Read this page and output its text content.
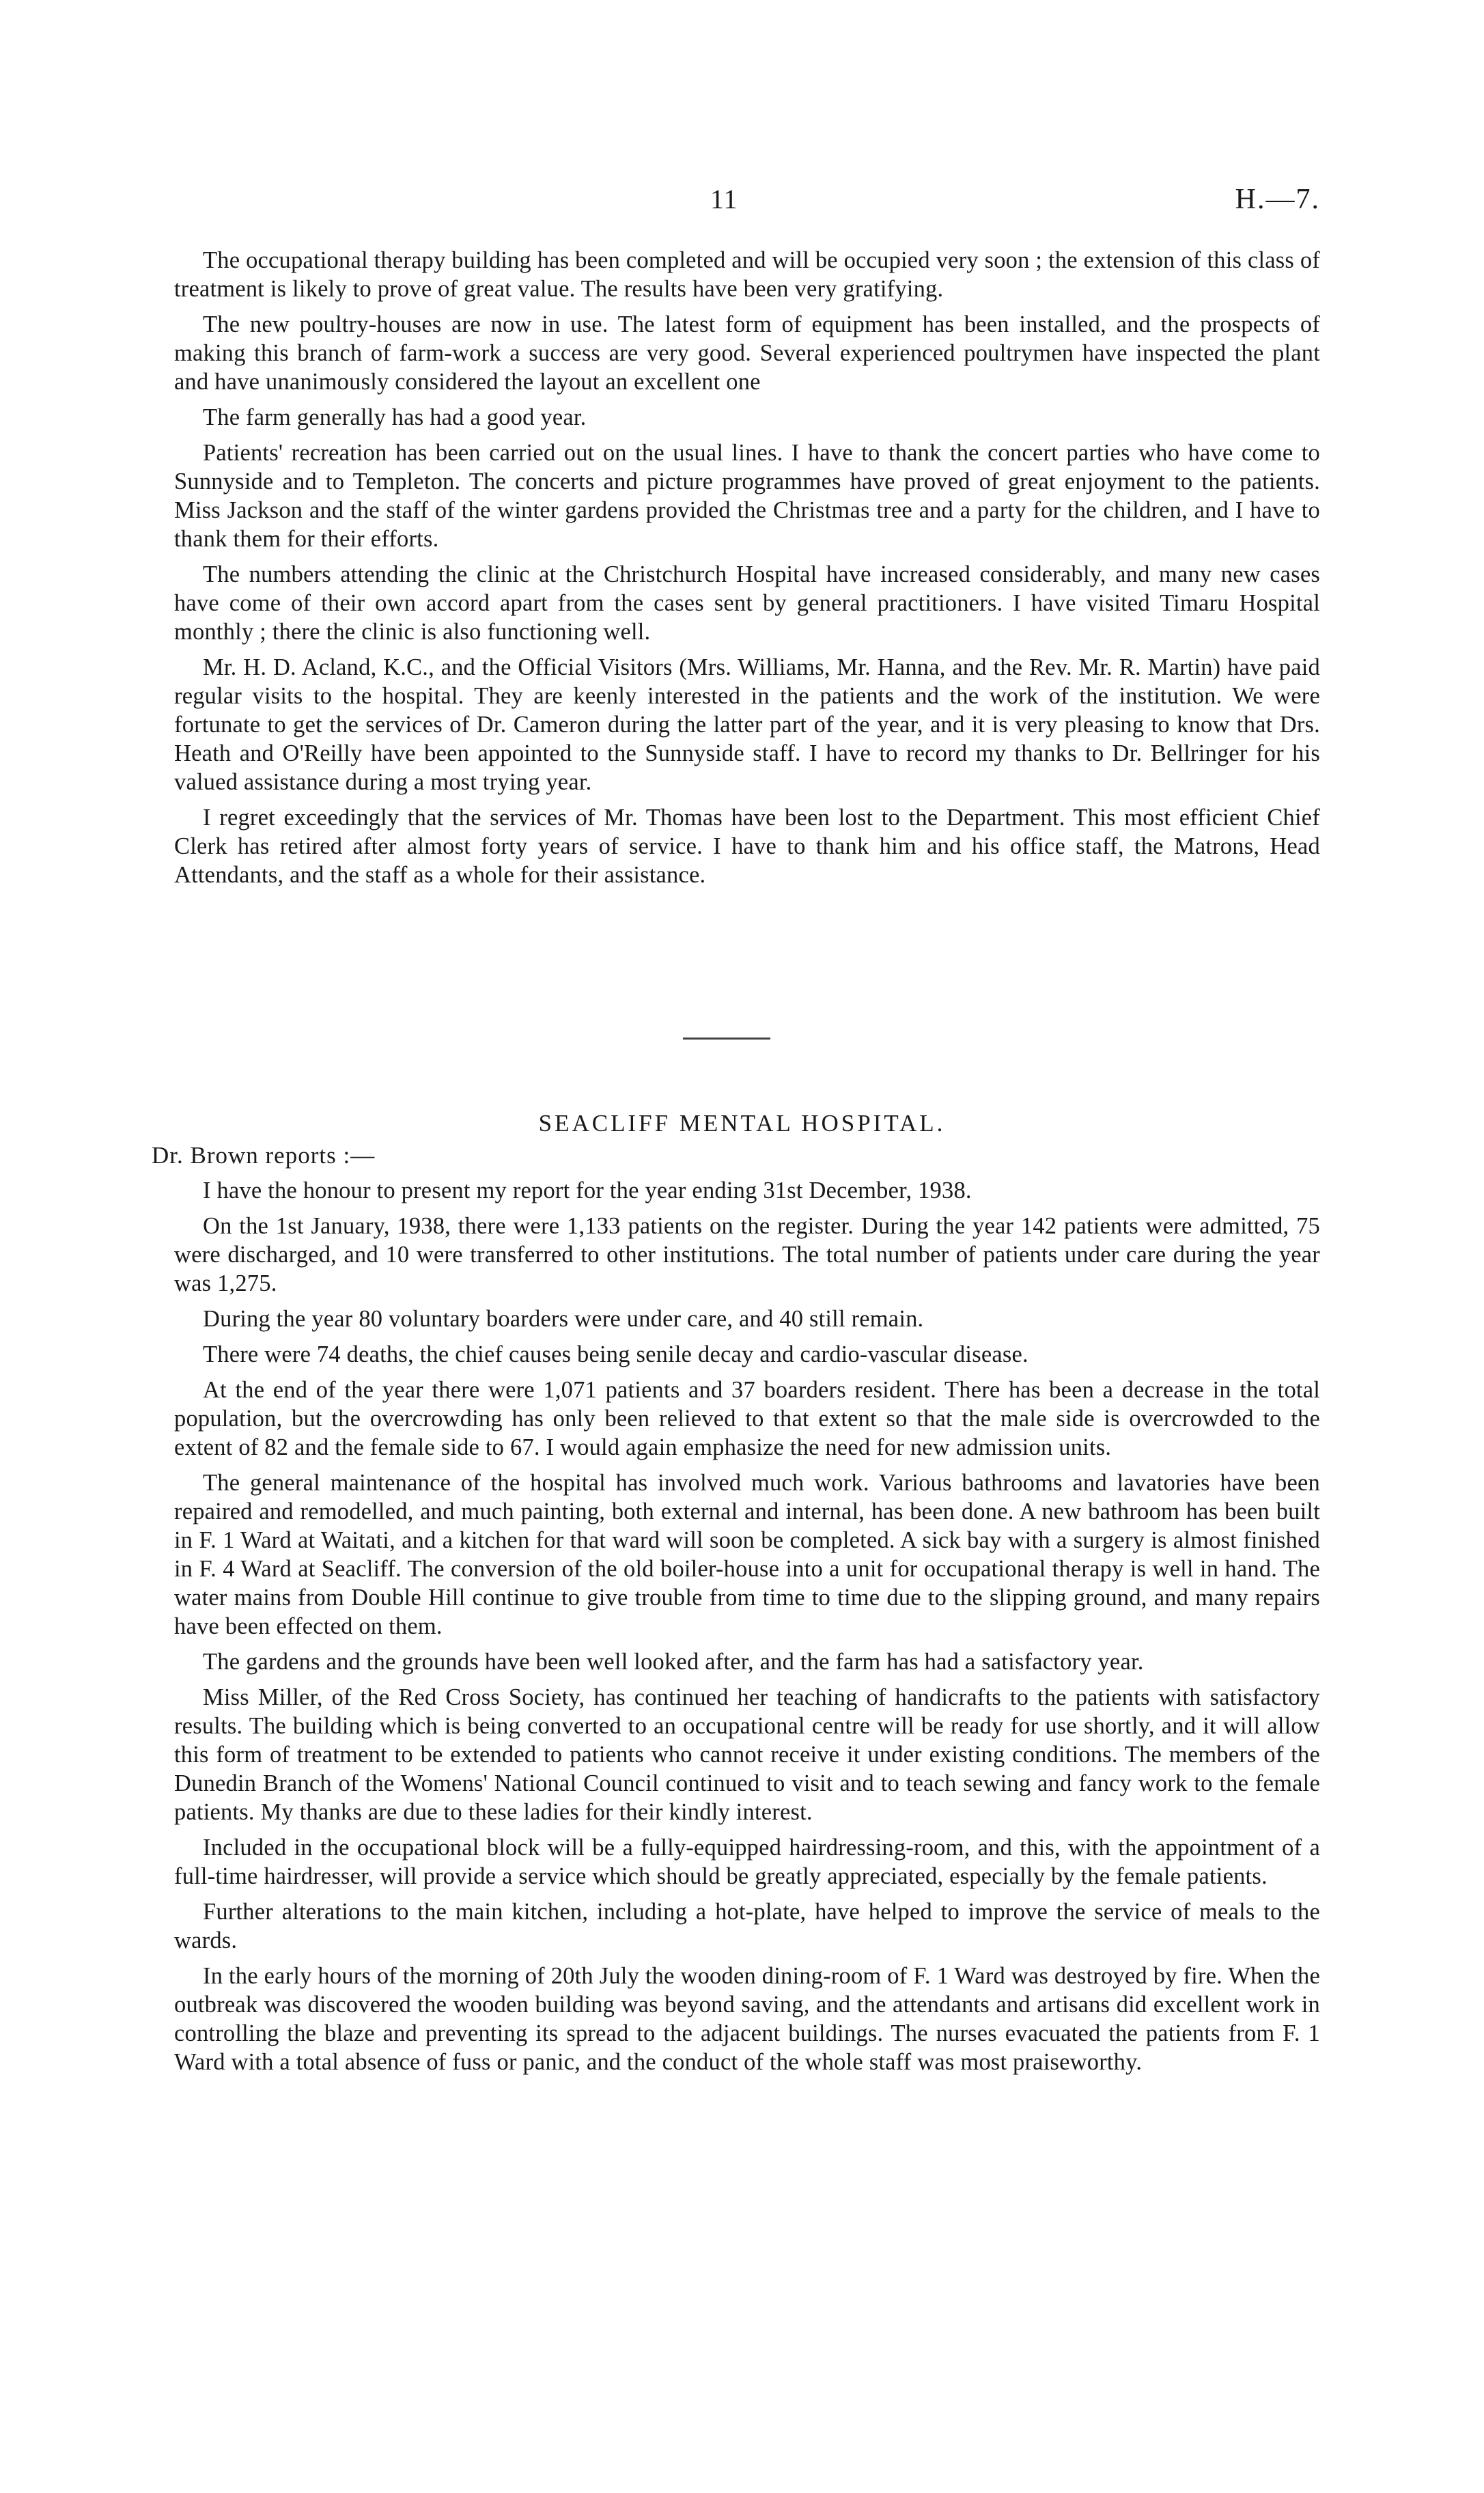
11	H.—7.

The occupational therapy building has been completed and will be occupied very soon ; the extension of this class of treatment is likely to prove of great value. The results have been very gratifying.

The new poultry-houses are now in use. The latest form of equipment has been installed, and the prospects of making this branch of farm-work a success are very good. Several experienced poultrymen have inspected the plant and have unanimously considered the layout an excellent one

The farm generally has had a good year.

Patients' recreation has been carried out on the usual lines. I have to thank the concert parties who have come to Sunnyside and to Templeton. The concerts and picture programmes have proved of great enjoyment to the patients. Miss Jackson and the staff of the winter gardens provided the Christmas tree and a party for the children, and I have to thank them for their efforts.

The numbers attending the clinic at the Christchurch Hospital have increased considerably, and many new cases have come of their own accord apart from the cases sent by general practitioners. I have visited Timaru Hospital monthly ; there the clinic is also functioning well.

Mr. H. D. Acland, K.C., and the Official Visitors (Mrs. Williams, Mr. Hanna, and the Rev. Mr. R. Martin) have paid regular visits to the hospital. They are keenly interested in the patients and the work of the institution. We were fortunate to get the services of Dr. Cameron during the latter part of the year, and it is very pleasing to know that Drs. Heath and O'Reilly have been appointed to the Sunnyside staff. I have to record my thanks to Dr. Bellringer for his valued assistance during a most trying year.

I regret exceedingly that the services of Mr. Thomas have been lost to the Department. This most efficient Chief Clerk has retired after almost forty years of service. I have to thank him and his office staff, the Matrons, Head Attendants, and the staff as a whole for their assistance.

SEACLIFF MENTAL HOSPITAL.
Dr. Brown reports :—

I have the honour to present my report for the year ending 31st December, 1938.

On the 1st January, 1938, there were 1,133 patients on the register. During the year 142 patients were admitted, 75 were discharged, and 10 were transferred to other institutions. The total number of patients under care during the year was 1,275.

During the year 80 voluntary boarders were under care, and 40 still remain.

There were 74 deaths, the chief causes being senile decay and cardio-vascular disease.

At the end of the year there were 1,071 patients and 37 boarders resident. There has been a decrease in the total population, but the overcrowding has only been relieved to that extent so that the male side is overcrowded to the extent of 82 and the female side to 67. I would again emphasize the need for new admission units.

The general maintenance of the hospital has involved much work. Various bathrooms and lavatories have been repaired and remodelled, and much painting, both external and internal, has been done. A new bathroom has been built in F. 1 Ward at Waitati, and a kitchen for that ward will soon be completed. A sick bay with a surgery is almost finished in F. 4 Ward at Seacliff. The conversion of the old boiler-house into a unit for occupational therapy is well in hand. The water mains from Double Hill continue to give trouble from time to time due to the slipping ground, and many repairs have been effected on them.

The gardens and the grounds have been well looked after, and the farm has had a satisfactory year.

Miss Miller, of the Red Cross Society, has continued her teaching of handicrafts to the patients with satisfactory results. The building which is being converted to an occupational centre will be ready for use shortly, and it will allow this form of treatment to be extended to patients who cannot receive it under existing conditions. The members of the Dunedin Branch of the Womens' National Council continued to visit and to teach sewing and fancy work to the female patients. My thanks are due to these ladies for their kindly interest.

Included in the occupational block will be a fully-equipped hairdressing-room, and this, with the appointment of a full-time hairdresser, will provide a service which should be greatly appreciated, especially by the female patients.

Further alterations to the main kitchen, including a hot-plate, have helped to improve the service of meals to the wards.

In the early hours of the morning of 20th July the wooden dining-room of F. 1 Ward was destroyed by fire. When the outbreak was discovered the wooden building was beyond saving, and the attendants and artisans did excellent work in controlling the blaze and preventing its spread to the adjacent buildings. The nurses evacuated the patients from F. 1 Ward with a total absence of fuss or panic, and the conduct of the whole staff was most praiseworthy.
